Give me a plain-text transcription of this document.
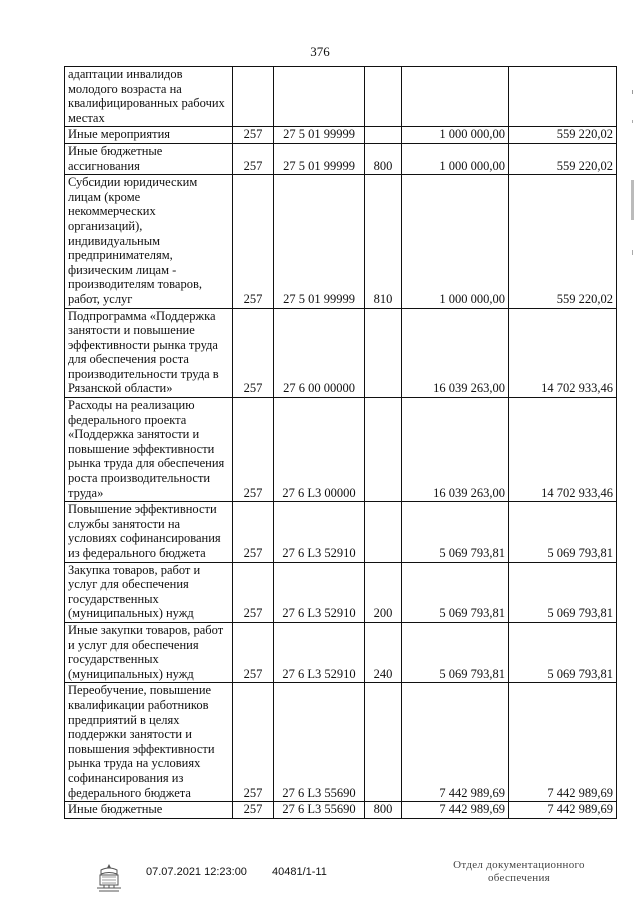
376
адаптации инвалидов молодого возраста на квалифицированных рабочих местах					
Иные мероприятия	257	27 5 01 99999		1 000 000,00	559 220,02
Иные бюджетные ассигнования	257	27 5 01 99999	800	1 000 000,00	559 220,02
Субсидии юридическим лицам (кроме некоммерческих организаций), индивидуальным предпринимателям, физическим лицам - производителям товаров, работ, услуг	257	27 5 01 99999	810	1 000 000,00	559 220,02
Подпрограмма «Поддержка занятости и повышение эффективности рынка труда для обеспечения роста производительности труда в Рязанской области»	257	27 6 00 00000		16 039 263,00	14 702 933,46
Расходы на реализацию федерального проекта «Поддержка занятости и повышение эффективности рынка труда для обеспечения роста производительности труда»	257	27 6 L3 00000		16 039 263,00	14 702 933,46
Повышение эффективности службы занятости на условиях софинансирования из федерального бюджета	257	27 6 L3 52910		5 069 793,81	5 069 793,81
Закупка товаров, работ и услуг для обеспечения государственных (муниципальных) нужд	257	27 6 L3 52910	200	5 069 793,81	5 069 793,81
Иные закупки товаров, работ и услуг для обеспечения государственных (муниципальных) нужд	257	27 6 L3 52910	240	5 069 793,81	5 069 793,81
Переобучение, повышение квалификации работников предприятий в целях поддержки занятости и повышения эффективности рынка труда на условиях софинансирования из федерального бюджета	257	27 6 L3 55690		7 442 989,69	7 442 989,69
Иные бюджетные	257	27 6 L3 55690	800	7 442 989,69	7 442 989,69
07.07.2021 12:23:00 40481/1-11
Отдел документационного
обеспечения
